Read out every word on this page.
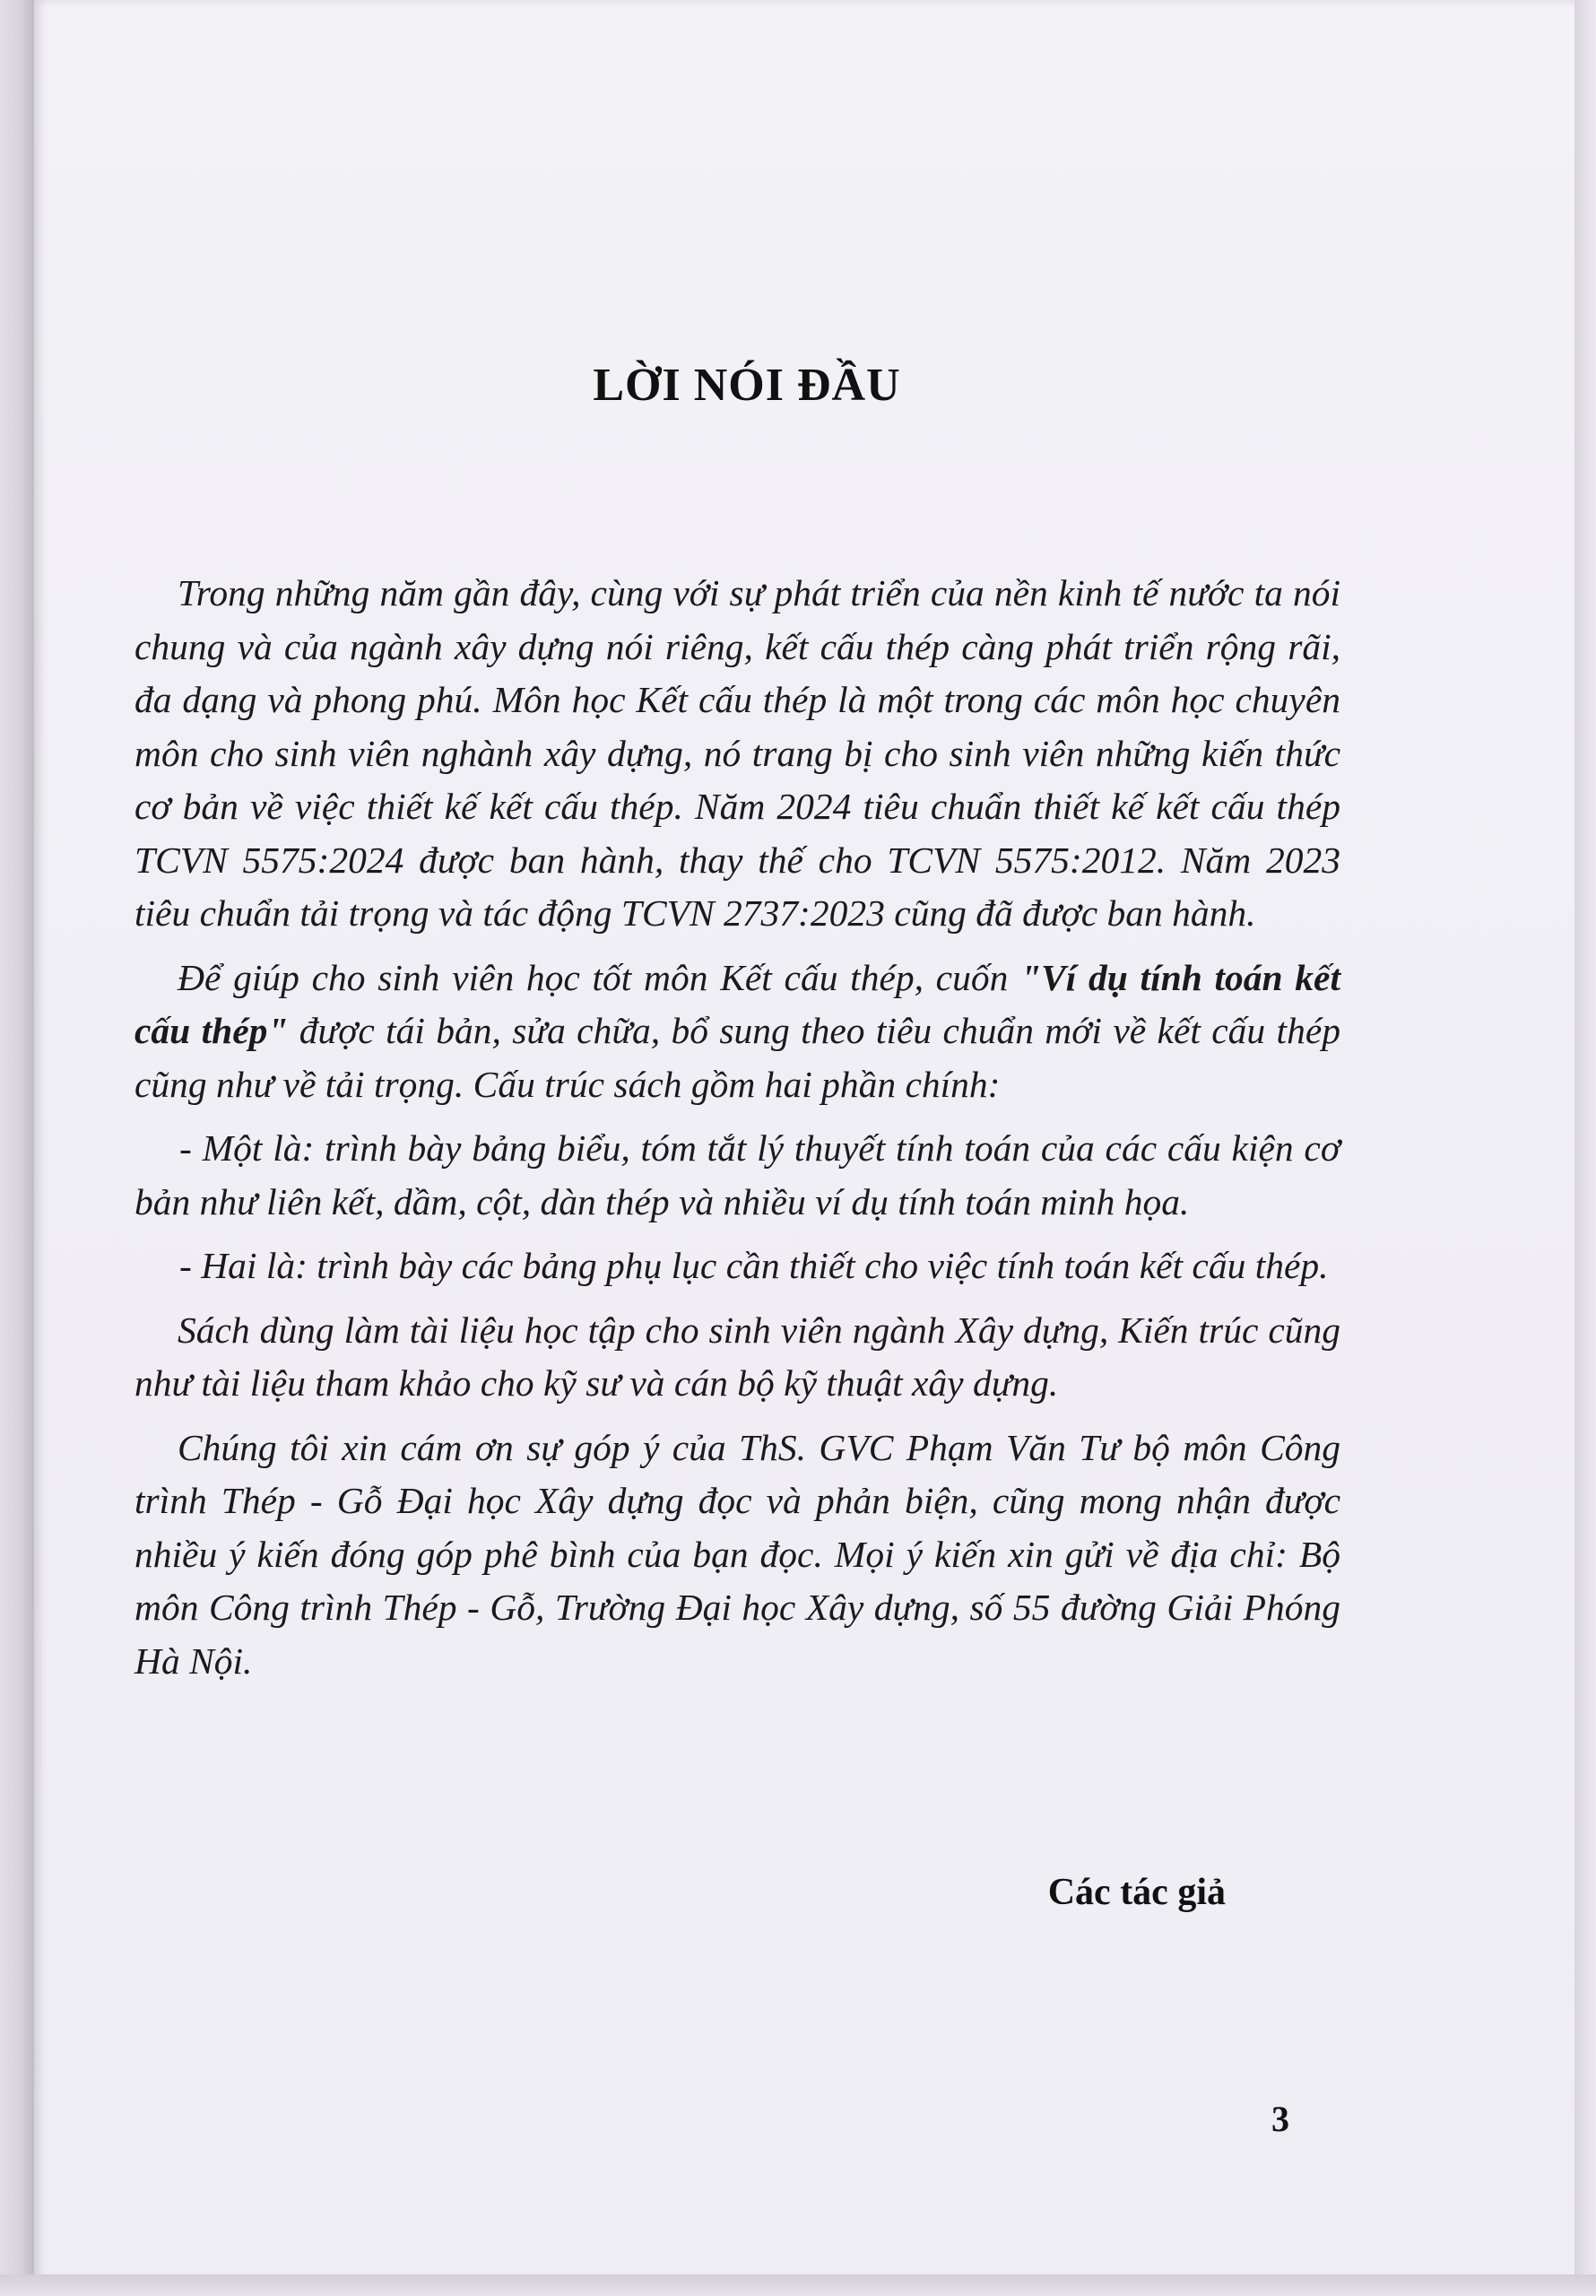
LỜI NÓI ĐẦU

Trong những năm gần đây, cùng với sự phát triển của nền kinh tế nước ta nói chung và của ngành xây dựng nói riêng, kết cấu thép càng phát triển rộng rãi, đa dạng và phong phú. Môn học Kết cấu thép là một trong các môn học chuyên môn cho sinh viên nghành xây dựng, nó trang bị cho sinh viên những kiến thức cơ bản về việc thiết kế kết cấu thép. Năm 2024 tiêu chuẩn thiết kế kết cấu thép TCVN 5575:2024 được ban hành, thay thế cho TCVN 5575:2012. Năm 2023 tiêu chuẩn tải trọng và tác động TCVN 2737:2023 cũng đã được ban hành.

Để giúp cho sinh viên học tốt môn Kết cấu thép, cuốn "Ví dụ tính toán kết cấu thép" được tái bản, sửa chữa, bổ sung theo tiêu chuẩn mới về kết cấu thép cũng như về tải trọng. Cấu trúc sách gồm hai phần chính:

- Một là: trình bày bảng biểu, tóm tắt lý thuyết tính toán của các cấu kiện cơ bản như liên kết, dầm, cột, dàn thép và nhiều ví dụ tính toán minh họa.

- Hai là: trình bày các bảng phụ lục cần thiết cho việc tính toán kết cấu thép.

Sách dùng làm tài liệu học tập cho sinh viên ngành Xây dựng, Kiến trúc cũng như tài liệu tham khảo cho kỹ sư và cán bộ kỹ thuật xây dựng.

Chúng tôi xin cám ơn sự góp ý của ThS. GVC Phạm Văn Tư bộ môn Công trình Thép - Gỗ Đại học Xây dựng đọc và phản biện, cũng mong nhận được nhiều ý kiến đóng góp phê bình của bạn đọc. Mọi ý kiến xin gửi về địa chỉ: Bộ môn Công trình Thép - Gỗ, Trường Đại học Xây dựng, số 55 đường Giải Phóng Hà Nội.

Các tác giả

3
